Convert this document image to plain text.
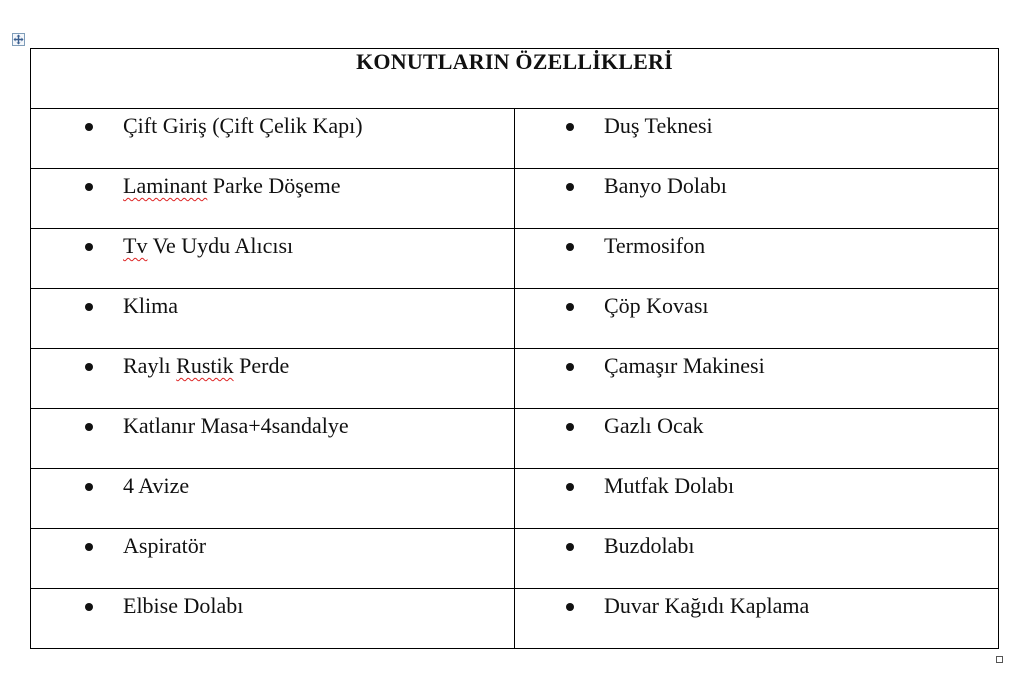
KONUTLARIN ÖZELLİKLERİ	

Çift Giriş (Çift Çelik Kapı)	Duş Teknesi

Laminant Parke Döşeme	Banyo Dolabı

Tv Ve Uydu Alıcısı	Termosifon

Klima	Çöp Kovası

Raylı Rustik Perde	Çamaşır Makinesi

Katlanır Masa+4sandalye	Gazlı Ocak

4 Avize	Mutfak Dolabı

Aspiratör	Buzdolabı

Elbise Dolabı	Duvar Kağıdı Kaplama
